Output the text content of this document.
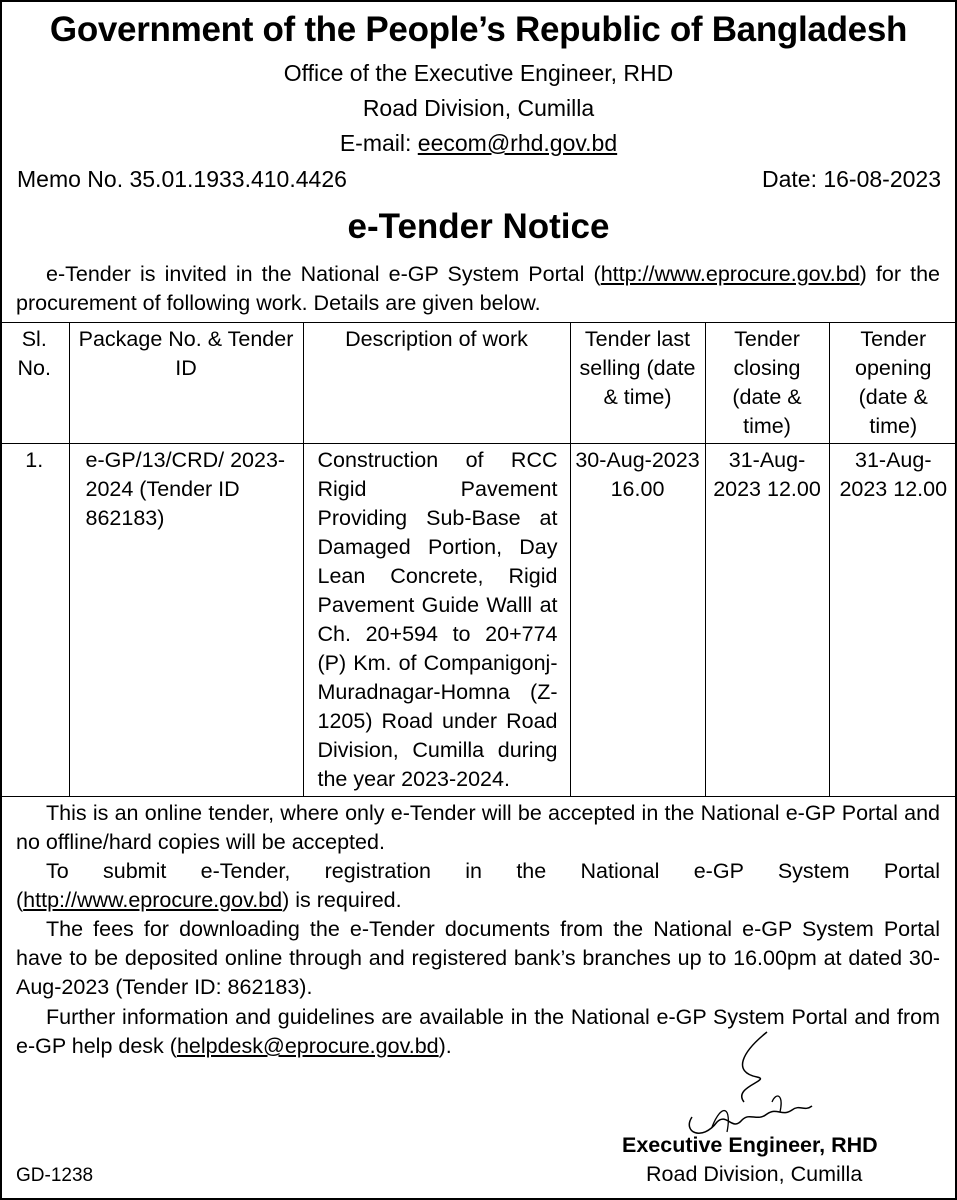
Government of the People’s Republic of Bangladesh
Office of the Executive Engineer, RHD
Road Division, Cumilla
E-mail: eecom@rhd.gov.bd
Memo No. 35.01.1933.410.4426	Date: 16-08-2023
e-Tender Notice
e-Tender is invited in the National e-GP System Portal (http://www.eprocure.gov.bd) for the procurement of following work. Details are given below.
Sl. No.	Package No. & Tender ID	Description of work	Tender last selling (date & time)	Tender closing (date & time)	Tender opening (date & time)
1.	e-GP/13/CRD/ 2023-2024 (Tender ID 862183)	Construction of RCC Rigid Pavement Providing Sub-Base at Damaged Portion, Day Lean Concrete, Rigid Pavement Guide Walll at Ch. 20+594 to 20+774 (P) Km. of Companigonj-Muradnagar-Homna (Z-1205) Road under Road Division, Cumilla during the year 2023-2024.	30-Aug-2023 16.00	31-Aug-2023 12.00	31-Aug-2023 12.00
This is an online tender, where only e-Tender will be accepted in the National e-GP Portal and no offline/hard copies will be accepted.
To submit e-Tender, registration in the National e-GP System Portal (http://www.eprocure.gov.bd) is required.
The fees for downloading the e-Tender documents from the National e-GP System Portal have to be deposited online through and registered bank’s branches up to 16.00pm at dated 30-Aug-2023 (Tender ID: 862183).
Further information and guidelines are available in the National e-GP System Portal and from e-GP help desk (helpdesk@eprocure.gov.bd).
Executive Engineer, RHD
Road Division, Cumilla
GD-1238
